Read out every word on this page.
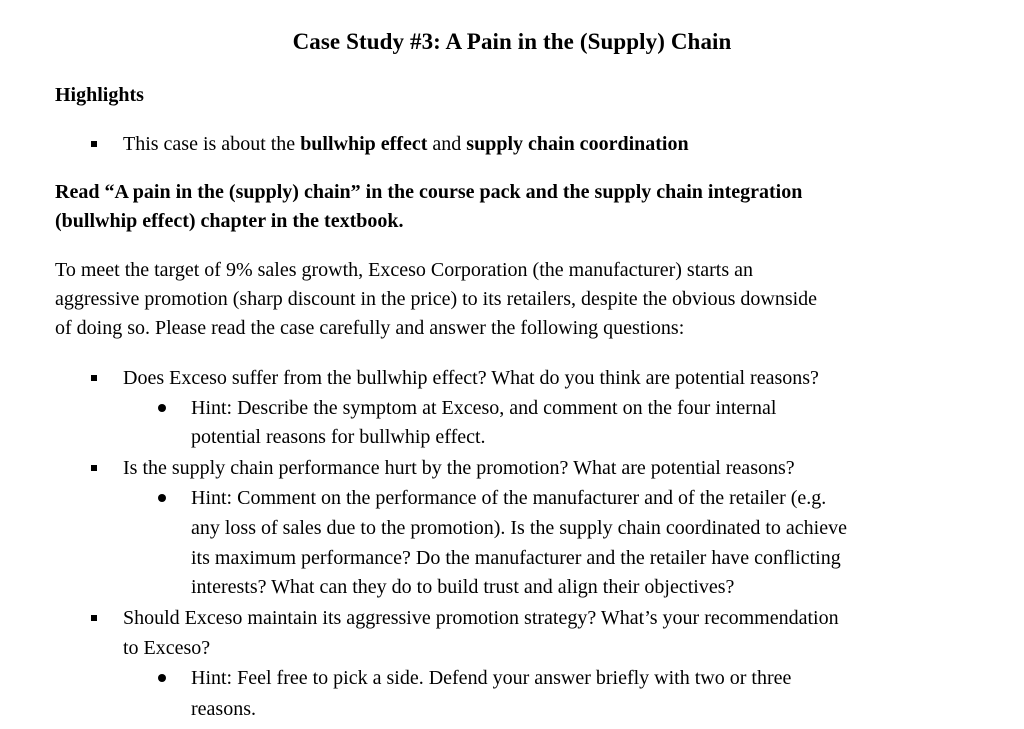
Case Study #3: A Pain in the (Supply) Chain
Highlights
This case is about the bullwhip effect and supply chain coordination
Read “A pain in the (supply) chain” in the course pack and the supply chain integration
(bullwhip effect) chapter in the textbook.
To meet the target of 9% sales growth, Exceso Corporation (the manufacturer) starts an
aggressive promotion (sharp discount in the price) to its retailers, despite the obvious downside
of doing so. Please read the case carefully and answer the following questions:
Does Exceso suffer from the bullwhip effect? What do you think are potential reasons?
Hint: Describe the symptom at Exceso, and comment on the four internal
potential reasons for bullwhip effect.
Is the supply chain performance hurt by the promotion? What are potential reasons?
Hint: Comment on the performance of the manufacturer and of the retailer (e.g.
any loss of sales due to the promotion). Is the supply chain coordinated to achieve
its maximum performance? Do the manufacturer and the retailer have conflicting
interests? What can they do to build trust and align their objectives?
Should Exceso maintain its aggressive promotion strategy? What’s your recommendation
to Exceso?
Hint: Feel free to pick a side. Defend your answer briefly with two or three
reasons.
